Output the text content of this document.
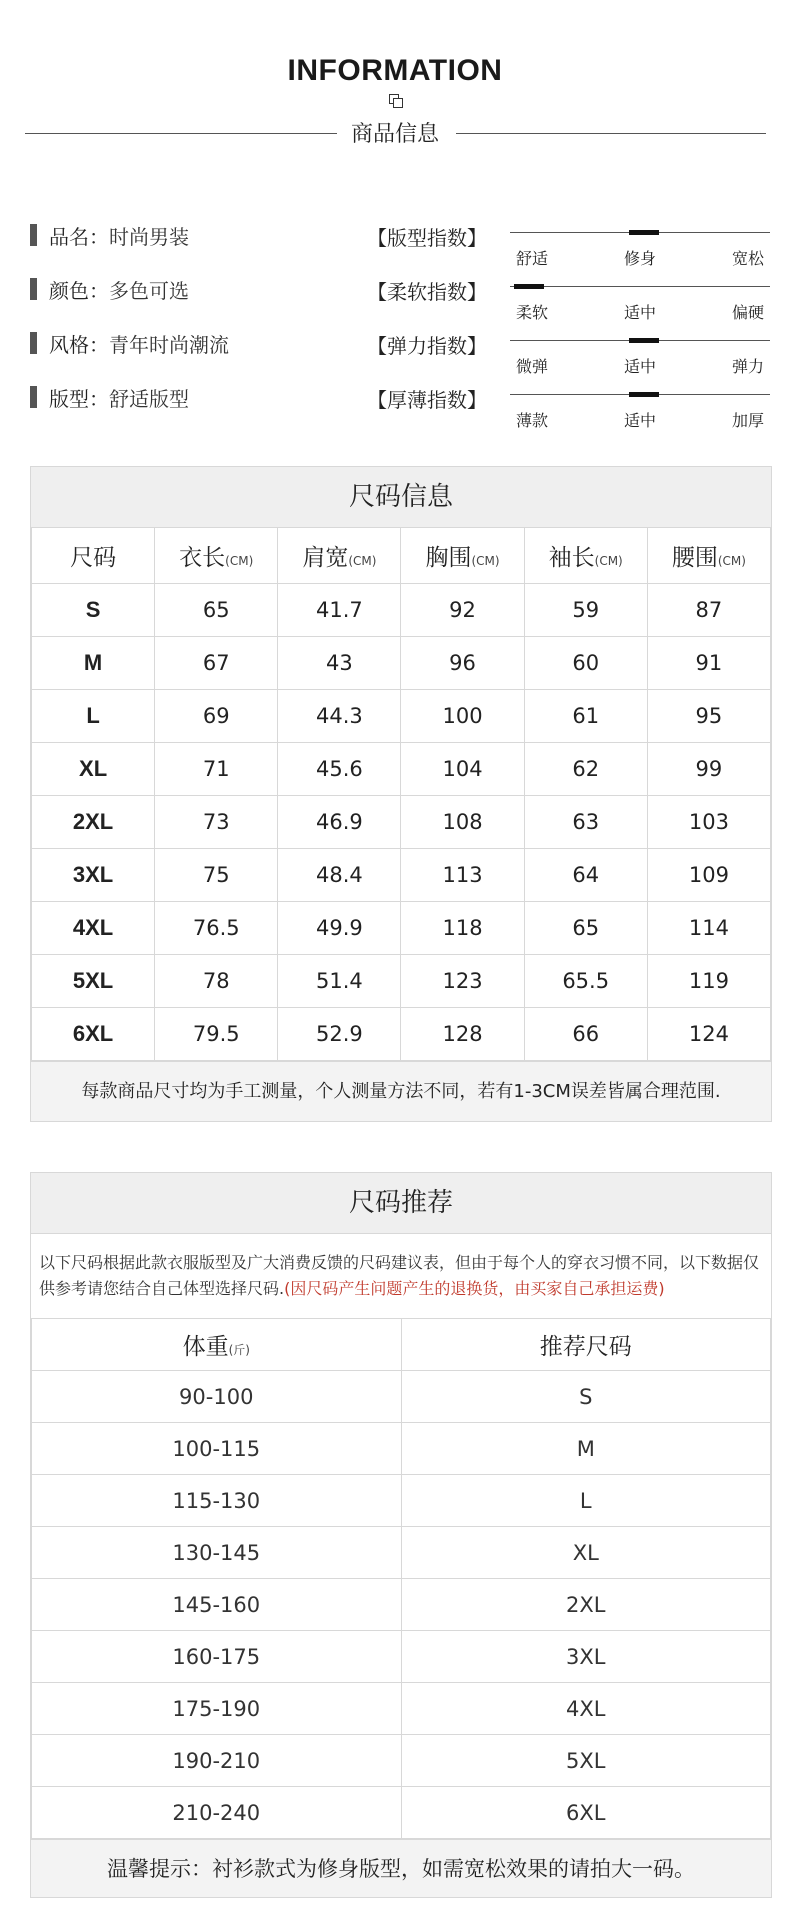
INFORMATION
商品信息
品名： 时尚男装	【版型指数】
舒适	修身	宽松
颜色： 多色可选	【柔软指数】
柔软	适中	偏硬
风格： 青年时尚潮流	【弹力指数】
微弹	适中	弹力
版型： 舒适版型	【厚薄指数】
薄款	适中	加厚
尺码信息
尺码	衣长(CM)	肩宽(CM)	胸围(CM)	袖长(CM)	腰围(CM)
S	65	41.7	92	59	87
M	67	43	96	60	91
L	69	44.3	100	61	95
XL	71	45.6	104	62	99
2XL	73	46.9	108	63	103
3XL	75	48.4	113	64	109
4XL	76.5	49.9	118	65	114
5XL	78	51.4	123	65.5	119
6XL	79.5	52.9	128	66	124
每款商品尺寸均为手工测量，个人测量方法不同，若有1-3CM误差皆属合理范围.
尺码推荐
以下尺码根据此款衣服版型及广大消费反馈的尺码建议表，但由于每个人的穿衣习惯不同，以下数据仅供参考请您结合自己体型选择尺码.(因尺码产生问题产生的退换货，由买家自己承担运费)
体重(斤)	推荐尺码
90-100	S
100-115	M
115-130	L
130-145	XL
145-160	2XL
160-175	3XL
175-190	4XL
190-210	5XL
210-240	6XL
温馨提示：衬衫款式为修身版型，如需宽松效果的请拍大一码。
